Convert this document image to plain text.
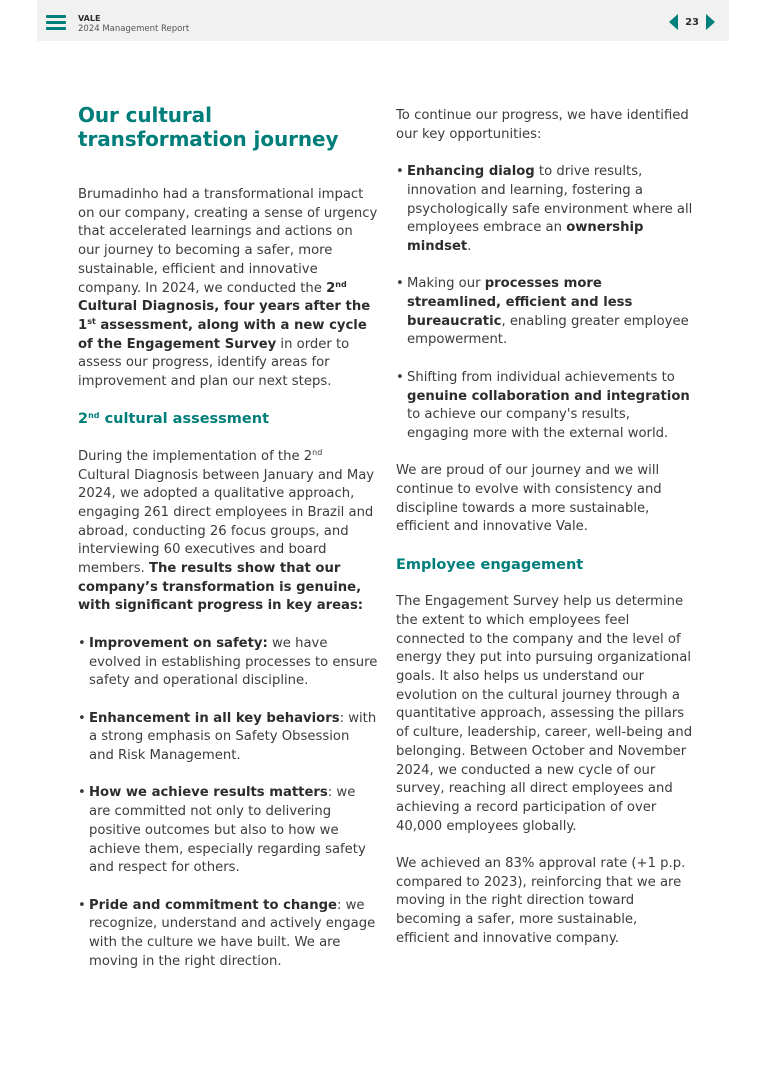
VALE
2024 Management Report
23
Our cultural transformation journey

Brumadinho had a transformational impact on our company, creating a sense of urgency that accelerated learnings and actions on our journey to becoming a safer, more sustainable, efficient and innovative company. In 2024, we conducted the 2nd Cultural Diagnosis, four years after the 1st assessment, along with a new cycle of the Engagement Survey in order to assess our progress, identify areas for improvement and plan our next steps.

2nd cultural assessment

During the implementation of the 2nd Cultural Diagnosis between January and May 2024, we adopted a qualitative approach, engaging 261 direct employees in Brazil and abroad, conducting 26 focus groups, and interviewing 60 executives and board members. The results show that our company’s transformation is genuine, with significant progress in key areas:

• Improvement on safety: we have evolved in establishing processes to ensure safety and operational discipline.
• Enhancement in all key behaviors: with a strong emphasis on Safety Obsession and Risk Management.
• How we achieve results matters: we are committed not only to delivering positive outcomes but also to how we achieve them, especially regarding safety and respect for others.
• Pride and commitment to change: we recognize, understand and actively engage with the culture we have built. We are moving in the right direction.

To continue our progress, we have identified our key opportunities:

• Enhancing dialog to drive results, innovation and learning, fostering a psychologically safe environment where all employees embrace an ownership mindset.
• Making our processes more streamlined, efficient and less bureaucratic, enabling greater employee empowerment.
• Shifting from individual achievements to genuine collaboration and integration to achieve our company's results, engaging more with the external world.

We are proud of our journey and we will continue to evolve with consistency and discipline towards a more sustainable, efficient and innovative Vale.

Employee engagement

The Engagement Survey help us determine the extent to which employees feel connected to the company and the level of energy they put into pursuing organizational goals. It also helps us understand our evolution on the cultural journey through a quantitative approach, assessing the pillars of culture, leadership, career, well-being and belonging. Between October and November 2024, we conducted a new cycle of our survey, reaching all direct employees and achieving a record participation of over 40,000 employees globally.

We achieved an 83% approval rate (+1 p.p. compared to 2023), reinforcing that we are moving in the right direction toward becoming a safer, more sustainable, efficient and innovative company.
